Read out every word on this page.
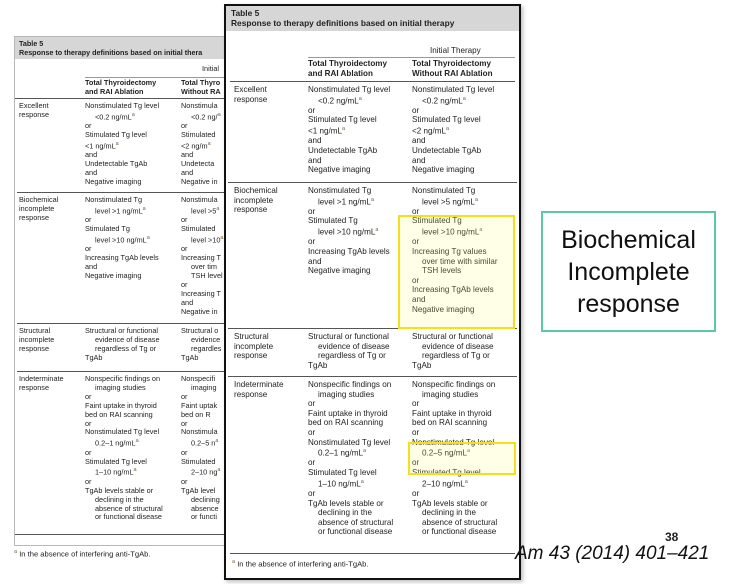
Table 5
Response to therapy definitions based on initial thera
Initial
Total Thyroidectomy
and RAI Ablation
Total Thyro
Without RA
Excellent
response
Nonstimulated Tg level
<0.2 $ng/mL^a$
or
Stimulated Tg level
<1 $ng/mL^a$
and
Undetectable TgAb
and
Negative imaging
Nonstimula
<0.2 ng/$^a$
or
Stimulated
<2 $ng/m^a$
and
Undetecta
and
Negative in
Biochemical
incomplete
response
Nonstimulated Tg
level >1 $ng/mL^a$
or
Stimulated Tg
level >10 $ng/mL^a$
or
Increasing TgAb levels
and
Negative imaging
Nonstimula
level $>5^a$
or
Stimulated
level $>10^a$
or
Increasing T
over tim
TSH level
or
Increasing T
and
Negative in
Structural
incomplete
response
Structural or functional
evidence of disease
regardless of Tg or
TgAb
Structural o
evidence
regardles
TgAb
Indeterminate
response
Nonspecific findings on
imaging studies
or
Faint uptake in thyroid
bed on RAI scanning
or
Nonstimulated Tg level
0.2–1 $ng/mL^a$
or
Stimulated Tg level
1–10 $ng/mL^a$
or
TgAb levels stable or
declining in the
absence of structural
or functional disease
Nonspecifi
imaging
or
Faint uptak
bed on R
or
Nonstimula
0.2–5 $n^a$
or
Stimulated
2–10 $ng^a$
or
TgAb level
declining
absence
or functi
$^a$ In the absence of interfering anti-TgAb.
Table 5
Response to therapy definitions based on initial therapy
Initial Therapy
Total Thyroidectomy
and RAI Ablation
Total Thyroidectomy
Without RAI Ablation
Excellent
response
Nonstimulated Tg level
<0.2 $ng/mL^a$
or
Stimulated Tg level
<1 $ng/mL^a$
and
Undetectable TgAb
and
Negative imaging
Nonstimulated Tg level
<0.2 $ng/mL^a$
or
Stimulated Tg level
<2 $ng/mL^a$
and
Undetectable TgAb
and
Negative imaging
Biochemical
incomplete
response
Nonstimulated Tg
level >1 $ng/mL^a$
or
Stimulated Tg
level >10 $ng/mL^a$
or
Increasing TgAb levels
and
Negative imaging
Nonstimulated Tg
level >5 $ng/mL^a$
or
Stimulated Tg
level >10 $ng/mL^a$
or
Increasing Tg values
over time with similar
TSH levels
or
Increasing TgAb levels
and
Negative imaging
Structural
incomplete
response
Structural or functional
evidence of disease
regardless of Tg or
TgAb
Structural or functional
evidence of disease
regardless of Tg or
TgAb
Indeterminate
response
Nonspecific findings on
imaging studies
or
Faint uptake in thyroid
bed on RAI scanning
or
Nonstimulated Tg level
0.2–1 $ng/mL^a$
or
Stimulated Tg level
1–10 $ng/mL^a$
or
TgAb levels stable or
declining in the
absence of structural
or functional disease
Nonspecific findings on
imaging studies
or
Faint uptake in thyroid
bed on RAI scanning
or
Nonstimulated Tg level
0.2–5 $ng/mL^a$
or
Stimulated Tg level
2–10 $ng/mL^a$
or
TgAb levels stable or
declining in the
absence of structural
or functional disease
$^a$ In the absence of interfering anti-TgAb.
Biochemical
Incomplete
response
38
Am 43 (2014) 401–421
